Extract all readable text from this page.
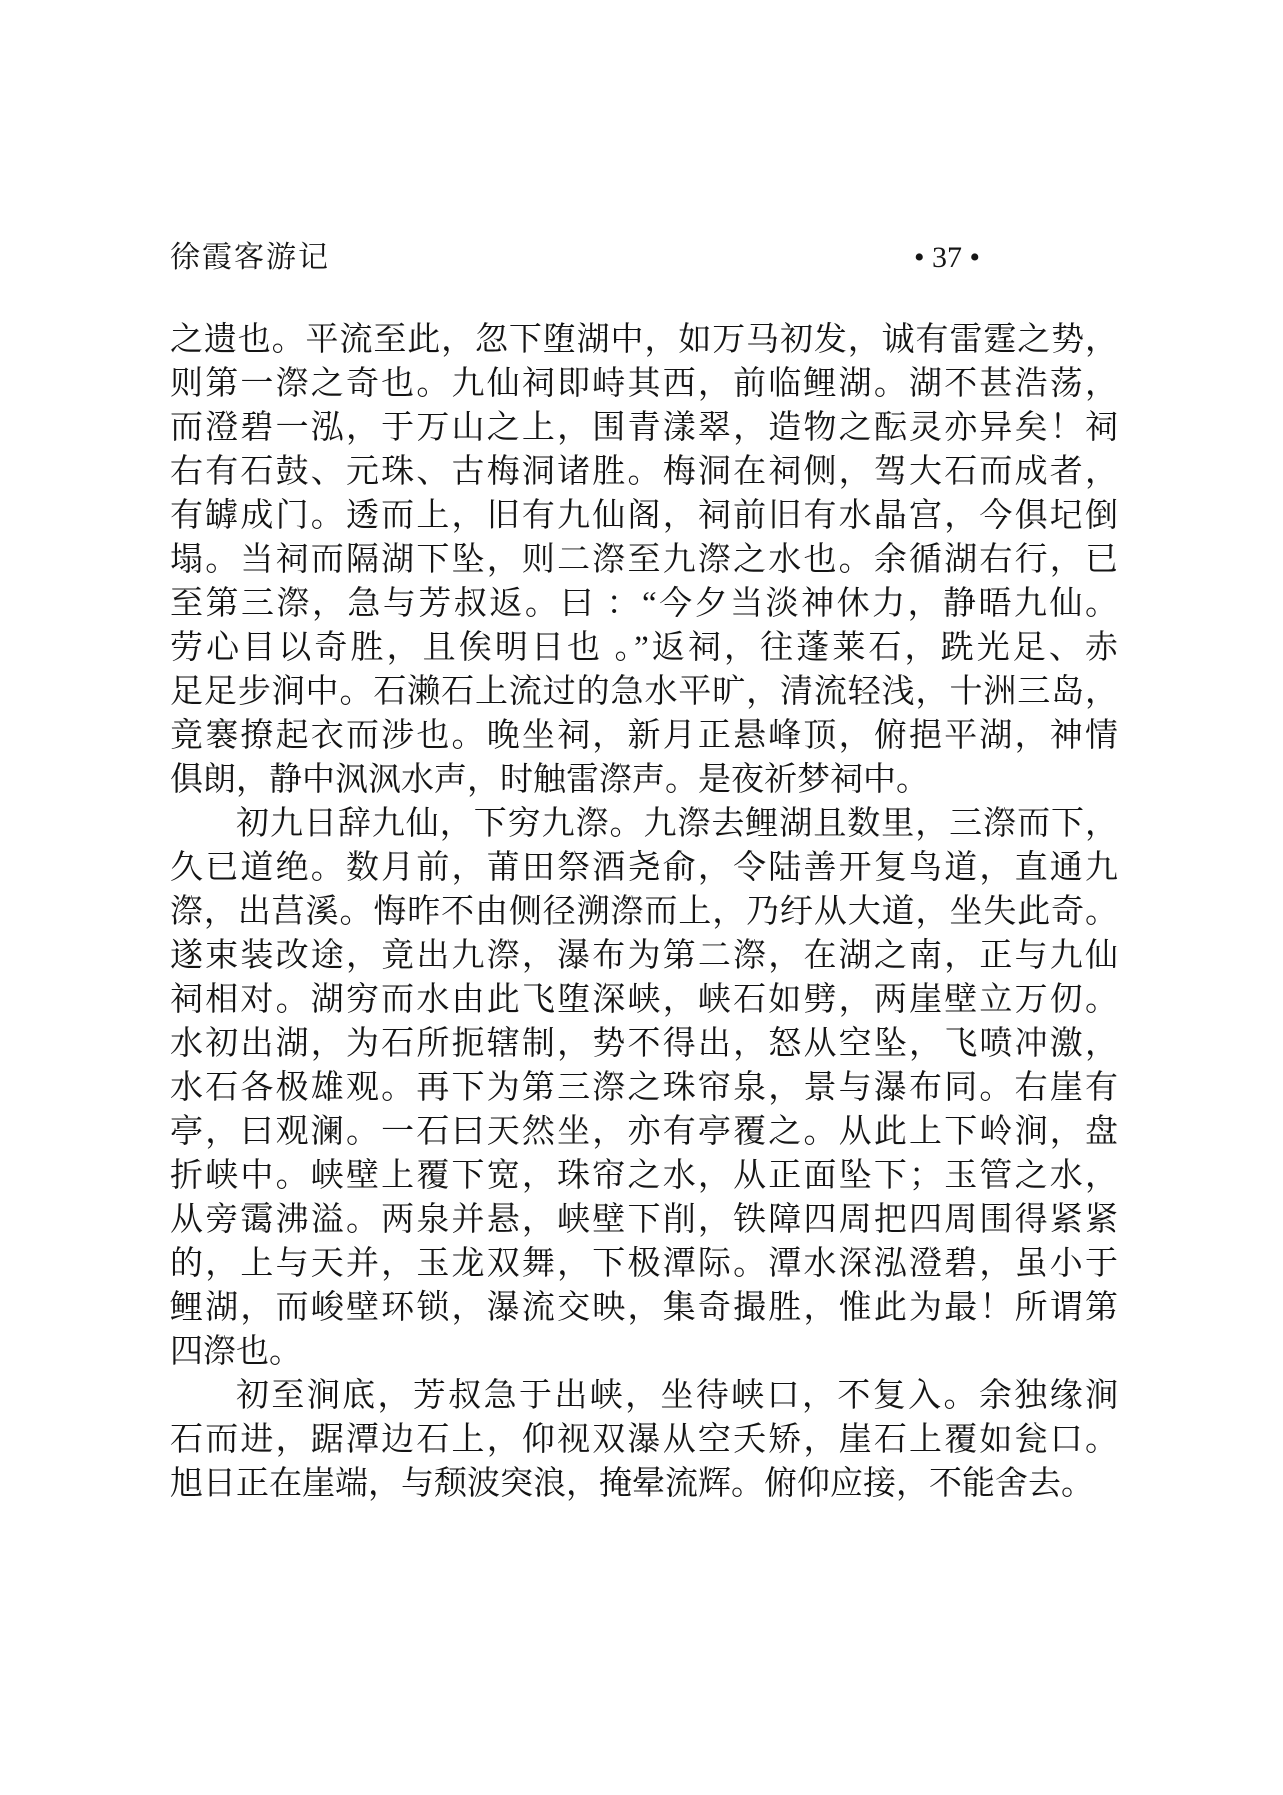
徐霞客游记	• 37 •
之遗也。平流至此，忽下堕湖中，如万马初发，诚有雷霆之势，
则第一漈之奇也。九仙祠即峙其西，前临鲤湖。湖不甚浩荡，
而澄碧一泓，于万山之上，围青漾翠，造物之酝灵亦异矣！祠
右有石鼓、元珠、古梅洞诸胜。梅洞在祠侧，驾大石而成者，
有罅成门。透而上，旧有九仙阁，祠前旧有水晶宫，今俱圮倒
塌。当祠而隔湖下坠，则二漈至九漈之水也。余循湖右行，已
至第三漈，急与芳叔返。曰 ：“今夕当淡神休力，静晤九仙。
劳心目以奇胜，且俟明日也 。”返祠，往蓬莱石，跣光足、赤
足足步涧中。石濑石上流过的急水平旷，清流轻浅，十洲三岛，
竟褰撩起衣而涉也。晚坐祠，新月正悬峰顶，俯挹平湖，神情
俱朗，静中沨沨水声，时触雷漈声。是夜祈梦祠中。
初九日辞九仙，下穷九漈。九漈去鲤湖且数里，三漈而下，
久已道绝。数月前，莆田祭酒尧俞，令陆善开复鸟道，直通九
漈，出莒溪。悔昨不由侧径溯漈而上，乃纡从大道，坐失此奇。
遂束装改途，竟出九漈，瀑布为第二漈，在湖之南，正与九仙
祠相对。湖穷而水由此飞堕深峡，峡石如劈，两崖壁立万仞。
水初出湖，为石所扼辖制，势不得出，怒从空坠，飞喷冲激，
水石各极雄观。再下为第三漈之珠帘泉，景与瀑布同。右崖有
亭，曰观澜。一石曰天然坐，亦有亭覆之。从此上下岭涧，盘
折峡中。峡壁上覆下宽，珠帘之水，从正面坠下；玉管之水，
从旁霭沸溢。两泉并悬，峡壁下削，铁障四周把四周围得紧紧
的，上与天并，玉龙双舞，下极潭际。潭水深泓澄碧，虽小于
鲤湖，而峻壁环锁，瀑流交映，集奇撮胜，惟此为最！所谓第
四漈也。
初至涧底，芳叔急于出峡，坐待峡口，不复入。余独缘涧
石而进，踞潭边石上，仰视双瀑从空夭矫，崖石上覆如瓮口。
旭日正在崖端，与颓波突浪，掩晕流辉。俯仰应接，不能舍去。
